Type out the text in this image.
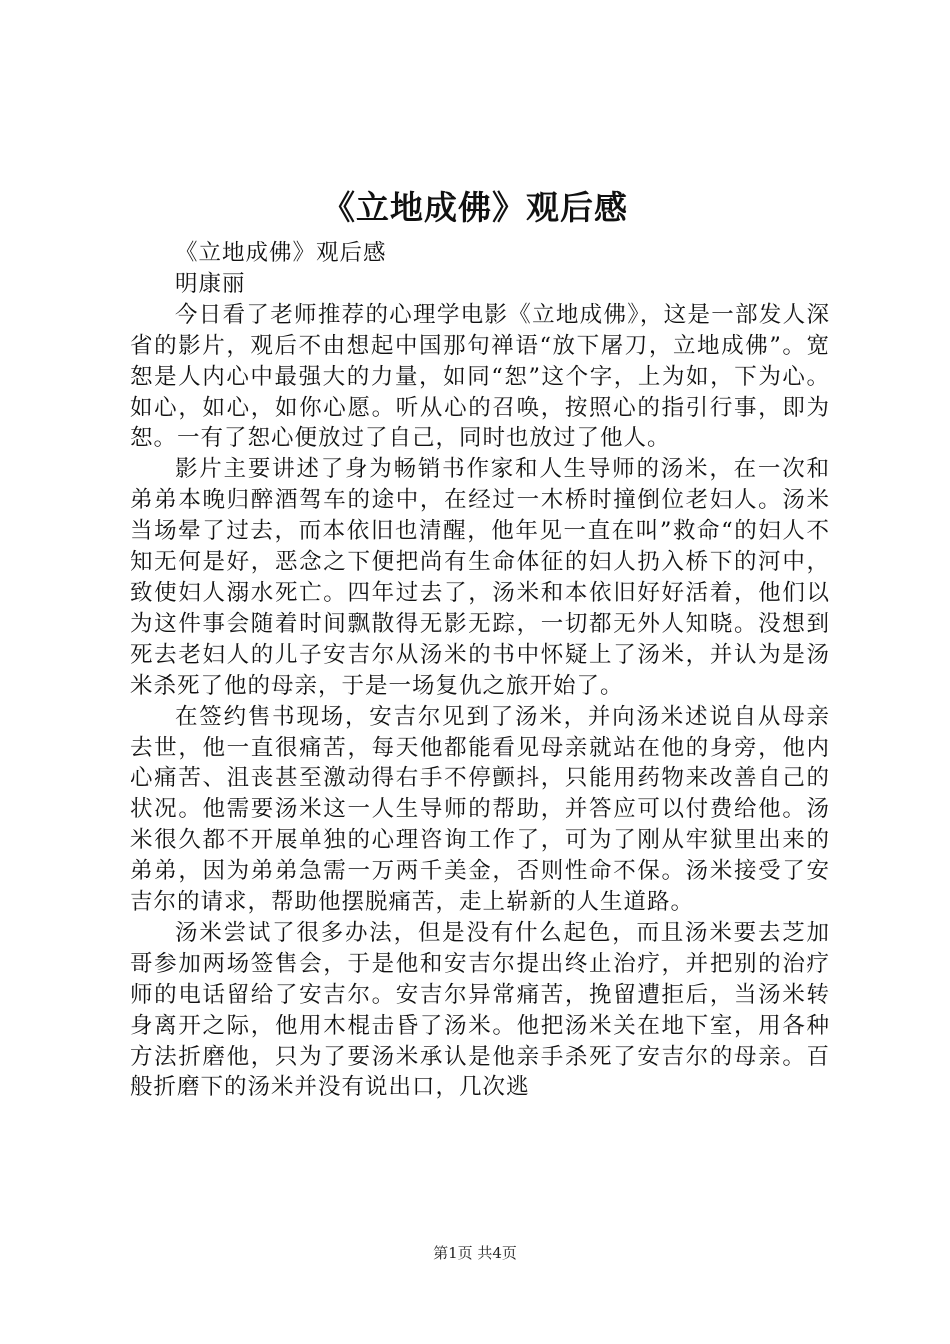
《立地成佛》观后感

《立地成佛》观后感

明康丽

今日看了老师推荐的心理学电影《立地成佛》，这是一部发人深省的影片，观后不由想起中国那句禅语“放下屠刀，立地成佛”。宽恕是人内心中最强大的力量，如同“恕”这个字，上为如，下为心。如心，如心，如你心愿。听从心的召唤，按照心的指引行事，即为恕。一有了恕心便放过了自己，同时也放过了他人。

影片主要讲述了身为畅销书作家和人生导师的汤米，在一次和弟弟本晚归醉酒驾车的途中，在经过一木桥时撞倒位老妇人。汤米当场晕了过去，而本依旧也清醒，他年见一直在叫”救命“的妇人不知无何是好，恶念之下便把尚有生命体征的妇人扔入桥下的河中，致使妇人溺水死亡。四年过去了，汤米和本依旧好好活着，他们以为这件事会随着时间飘散得无影无踪，一切都无外人知晓。没想到死去老妇人的儿子安吉尔从汤米的书中怀疑上了汤米，并认为是汤米杀死了他的母亲，于是一场复仇之旅开始了。

在签约售书现场，安吉尔见到了汤米，并向汤米述说自从母亲去世，他一直很痛苦，每天他都能看见母亲就站在他的身旁，他内心痛苦、沮丧甚至激动得右手不停颤抖，只能用药物来改善自己的状况。他需要汤米这一人生导师的帮助，并答应可以付费给他。汤米很久都不开展单独的心理咨询工作了，可为了刚从牢狱里出来的弟弟，因为弟弟急需一万两千美金，否则性命不保。汤米接受了安吉尔的请求，帮助他摆脱痛苦，走上崭新的人生道路。

汤米尝试了很多办法，但是没有什么起色，而且汤米要去芝加哥参加两场签售会，于是他和安吉尔提出终止治疗，并把别的治疗师的电话留给了安吉尔。安吉尔异常痛苦，挽留遭拒后，当汤米转身离开之际，他用木棍击昏了汤米。他把汤米关在地下室，用各种方法折磨他，只为了要汤米承认是他亲手杀死了安吉尔的母亲。百般折磨下的汤米并没有说出口，几次逃

第1页 共4页
